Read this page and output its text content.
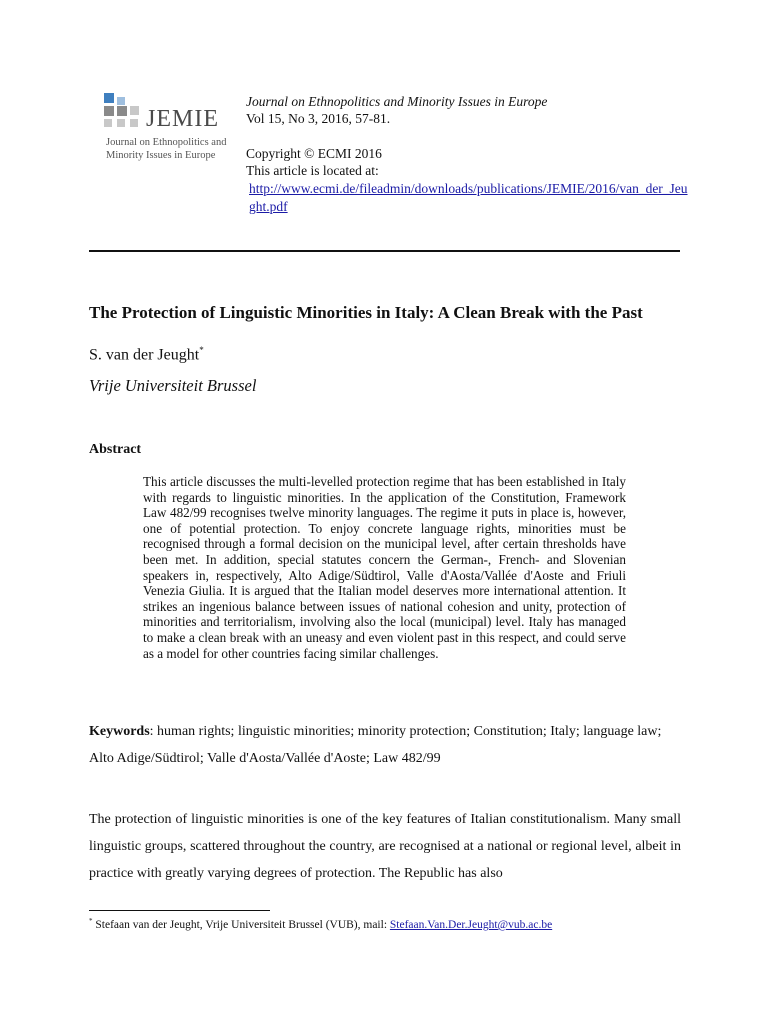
JEMIE
Journal on Ethnopolitics and Minority Issues in Europe
Journal on Ethnopolitics and Minority Issues in Europe
Vol 15, No 3, 2016, 57-81.
Copyright © ECMI 2016
This article is located at:
http://www.ecmi.de/fileadmin/downloads/publications/JEMIE/2016/van_der_Jeught.pdf
The Protection of Linguistic Minorities in Italy: A Clean Break with the Past
S. van der Jeught*
Vrije Universiteit Brussel
Abstract
This article discusses the multi-levelled protection regime that has been established in Italy with regards to linguistic minorities. In the application of the Constitution, Framework Law 482/99 recognises twelve minority languages. The regime it puts in place is, however, one of potential protection. To enjoy concrete language rights, minorities must be recognised through a formal decision on the municipal level, after certain thresholds have been met. In addition, special statutes concern the German-, French- and Slovenian speakers in, respectively, Alto Adige/Südtirol, Valle d'Aosta/Vallée d'Aoste and Friuli Venezia Giulia. It is argued that the Italian model deserves more international attention. It strikes an ingenious balance between issues of national cohesion and unity, protection of minorities and territorialism, involving also the local (municipal) level. Italy has managed to make a clean break with an uneasy and even violent past in this respect, and could serve as a model for other countries facing similar challenges.
Keywords: human rights; linguistic minorities; minority protection; Constitution; Italy; language law; Alto Adige/Südtirol; Valle d'Aosta/Vallée d'Aoste; Law 482/99
The protection of linguistic minorities is one of the key features of Italian constitutionalism. Many small linguistic groups, scattered throughout the country, are recognised at a national or regional level, albeit in practice with greatly varying degrees of protection. The Republic has also
* Stefaan van der Jeught, Vrije Universiteit Brussel (VUB), mail: Stefaan.Van.Der.Jeught@vub.ac.be
